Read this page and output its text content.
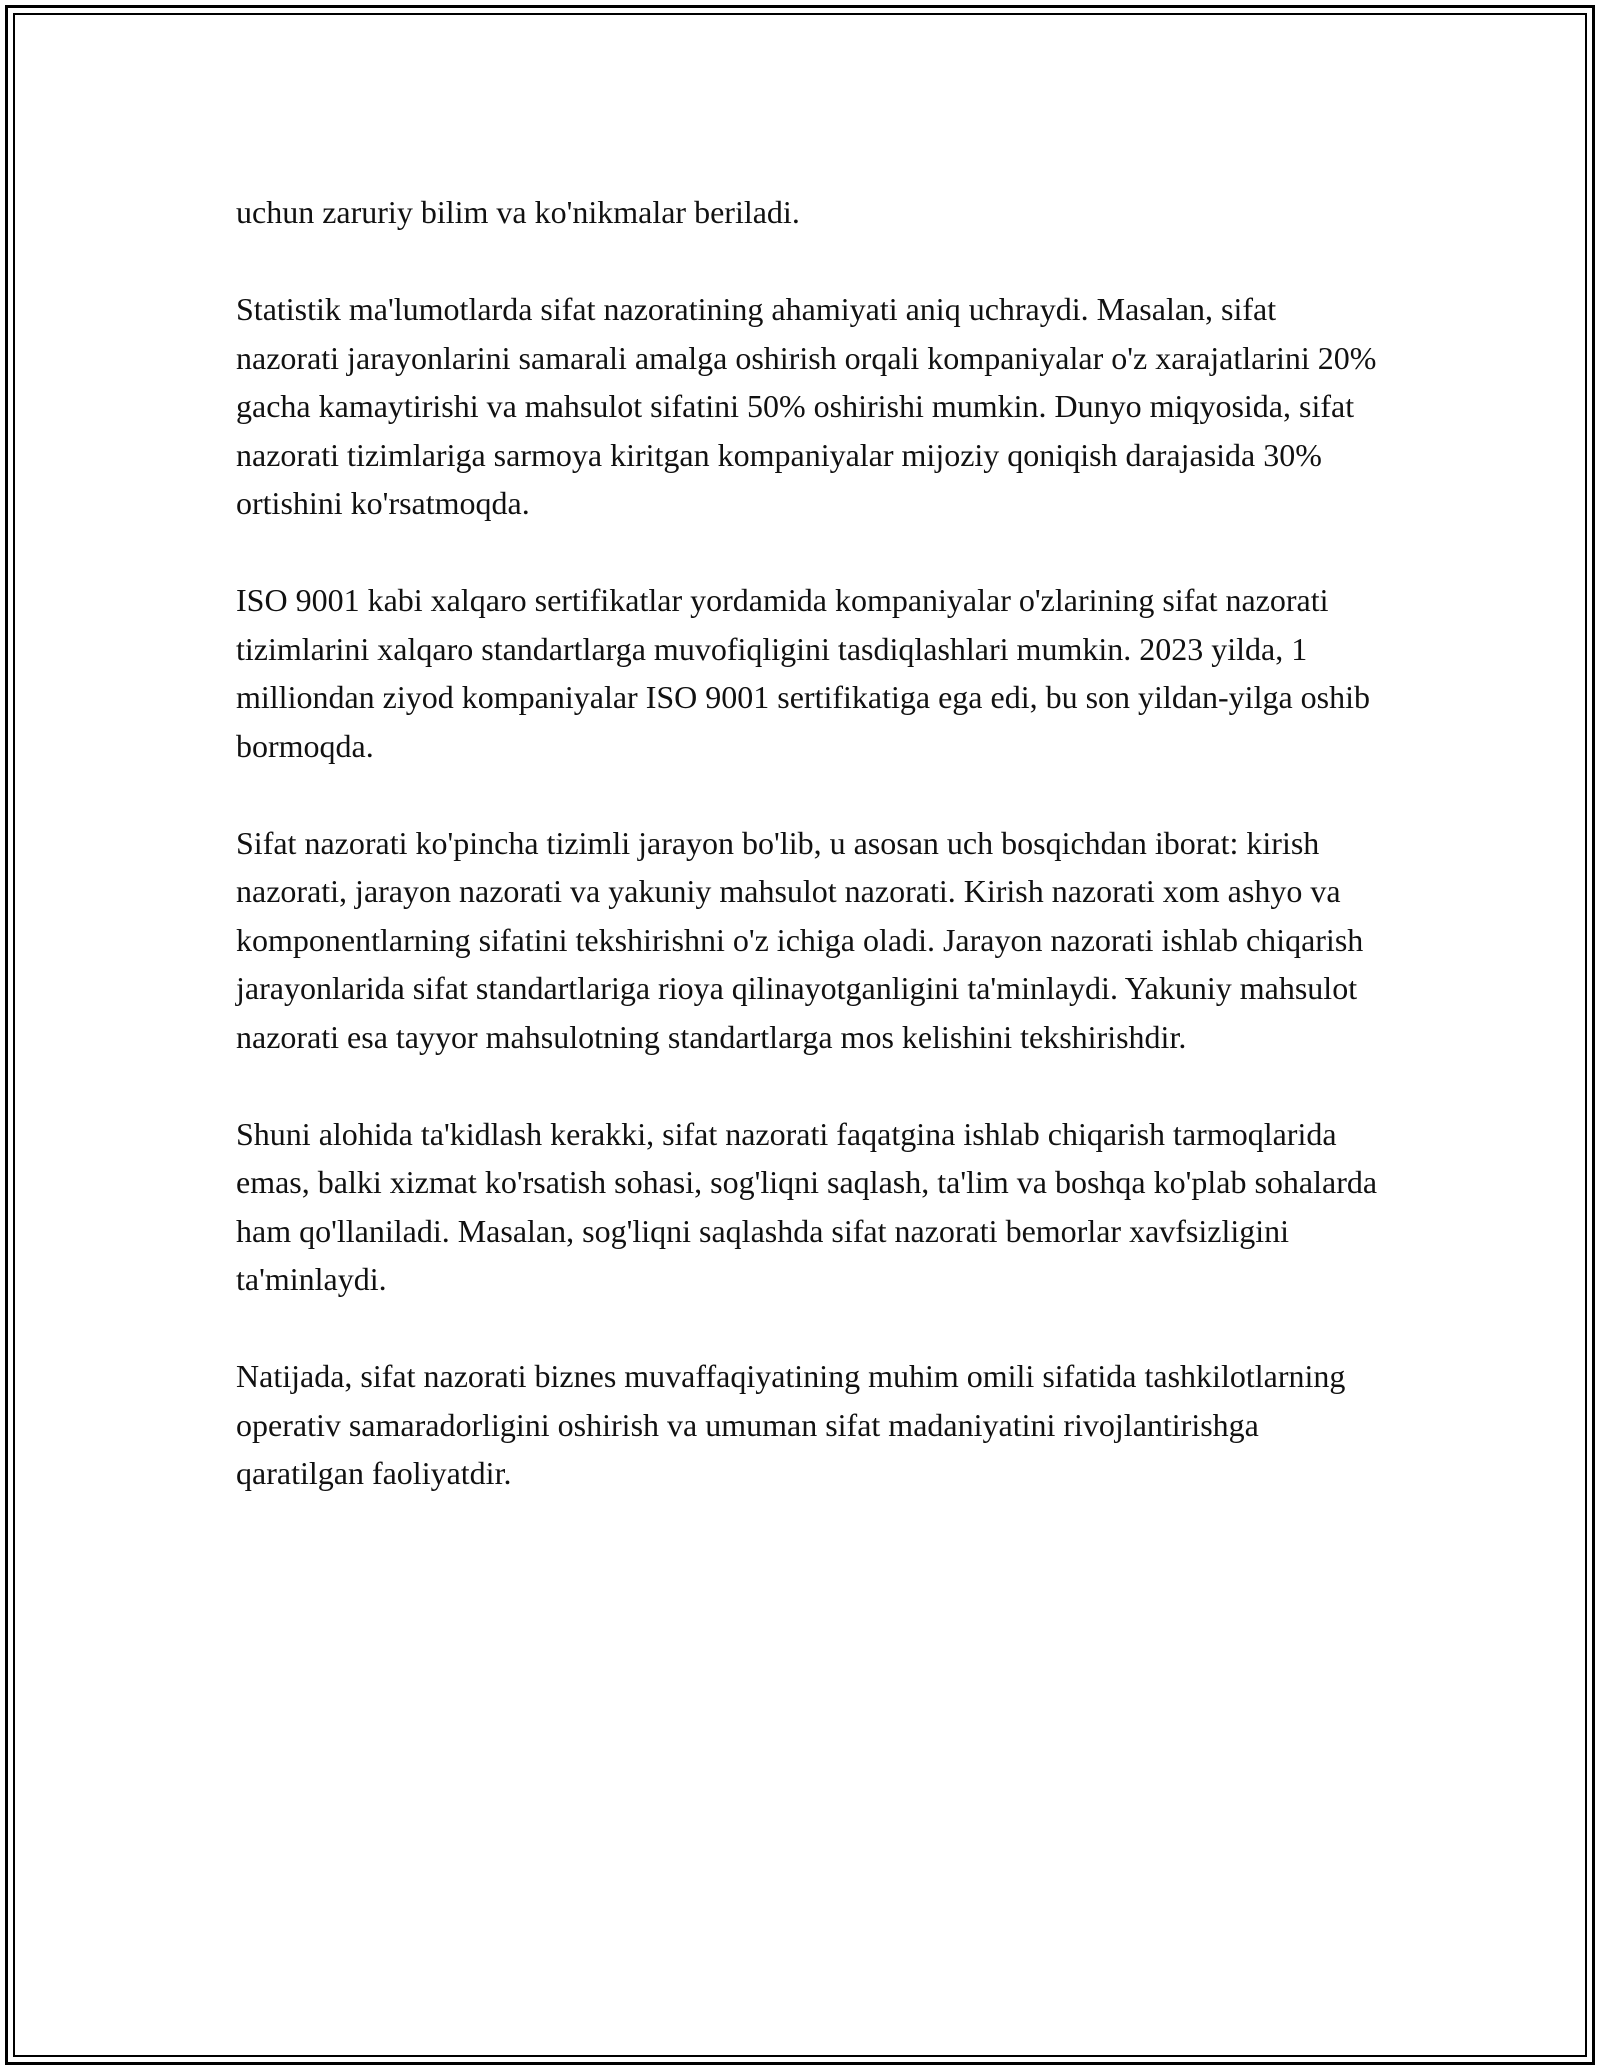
uchun zaruriy bilim va ko'nikmalar beriladi.

Statistik ma'lumotlarda sifat nazoratining ahamiyati aniq uchraydi. Masalan, sifat nazorati jarayonlarini samarali amalga oshirish orqali kompaniyalar o'z xarajatlarini 20% gacha kamaytirishi va mahsulot sifatini 50% oshirishi mumkin. Dunyo miqyosida, sifat nazorati tizimlariga sarmoya kiritgan kompaniyalar mijoziy qoniqish darajasida 30% ortishini ko'rsatmoqda.

ISO 9001 kabi xalqaro sertifikatlar yordamida kompaniyalar o'zlarining sifat nazorati tizimlarini xalqaro standartlarga muvofiqligini tasdiqlashlari mumkin. 2023 yilda, 1 milliondan ziyod kompaniyalar ISO 9001 sertifikatiga ega edi, bu son yildan-yilga oshib bormoqda.

Sifat nazorati ko'pincha tizimli jarayon bo'lib, u asosan uch bosqichdan iborat: kirish nazorati, jarayon nazorati va yakuniy mahsulot nazorati. Kirish nazorati xom ashyo va komponentlarning sifatini tekshirishni o'z ichiga oladi. Jarayon nazorati ishlab chiqarish jarayonlarida sifat standartlariga rioya qilinayotganligini ta'minlaydi. Yakuniy mahsulot nazorati esa tayyor mahsulotning standartlarga mos kelishini tekshirishdir.

Shuni alohida ta'kidlash kerakki, sifat nazorati faqatgina ishlab chiqarish tarmoqlarida emas, balki xizmat ko'rsatish sohasi, sog'liqni saqlash, ta'lim va boshqa ko'plab sohalarda ham qo'llaniladi. Masalan, sog'liqni saqlashda sifat nazorati bemorlar xavfsizligini ta'minlaydi.

Natijada, sifat nazorati biznes muvaffaqiyatining muhim omili sifatida tashkilotlarning operativ samaradorligini oshirish va umuman sifat madaniyatini rivojlantirishga qaratilgan faoliyatdir.
